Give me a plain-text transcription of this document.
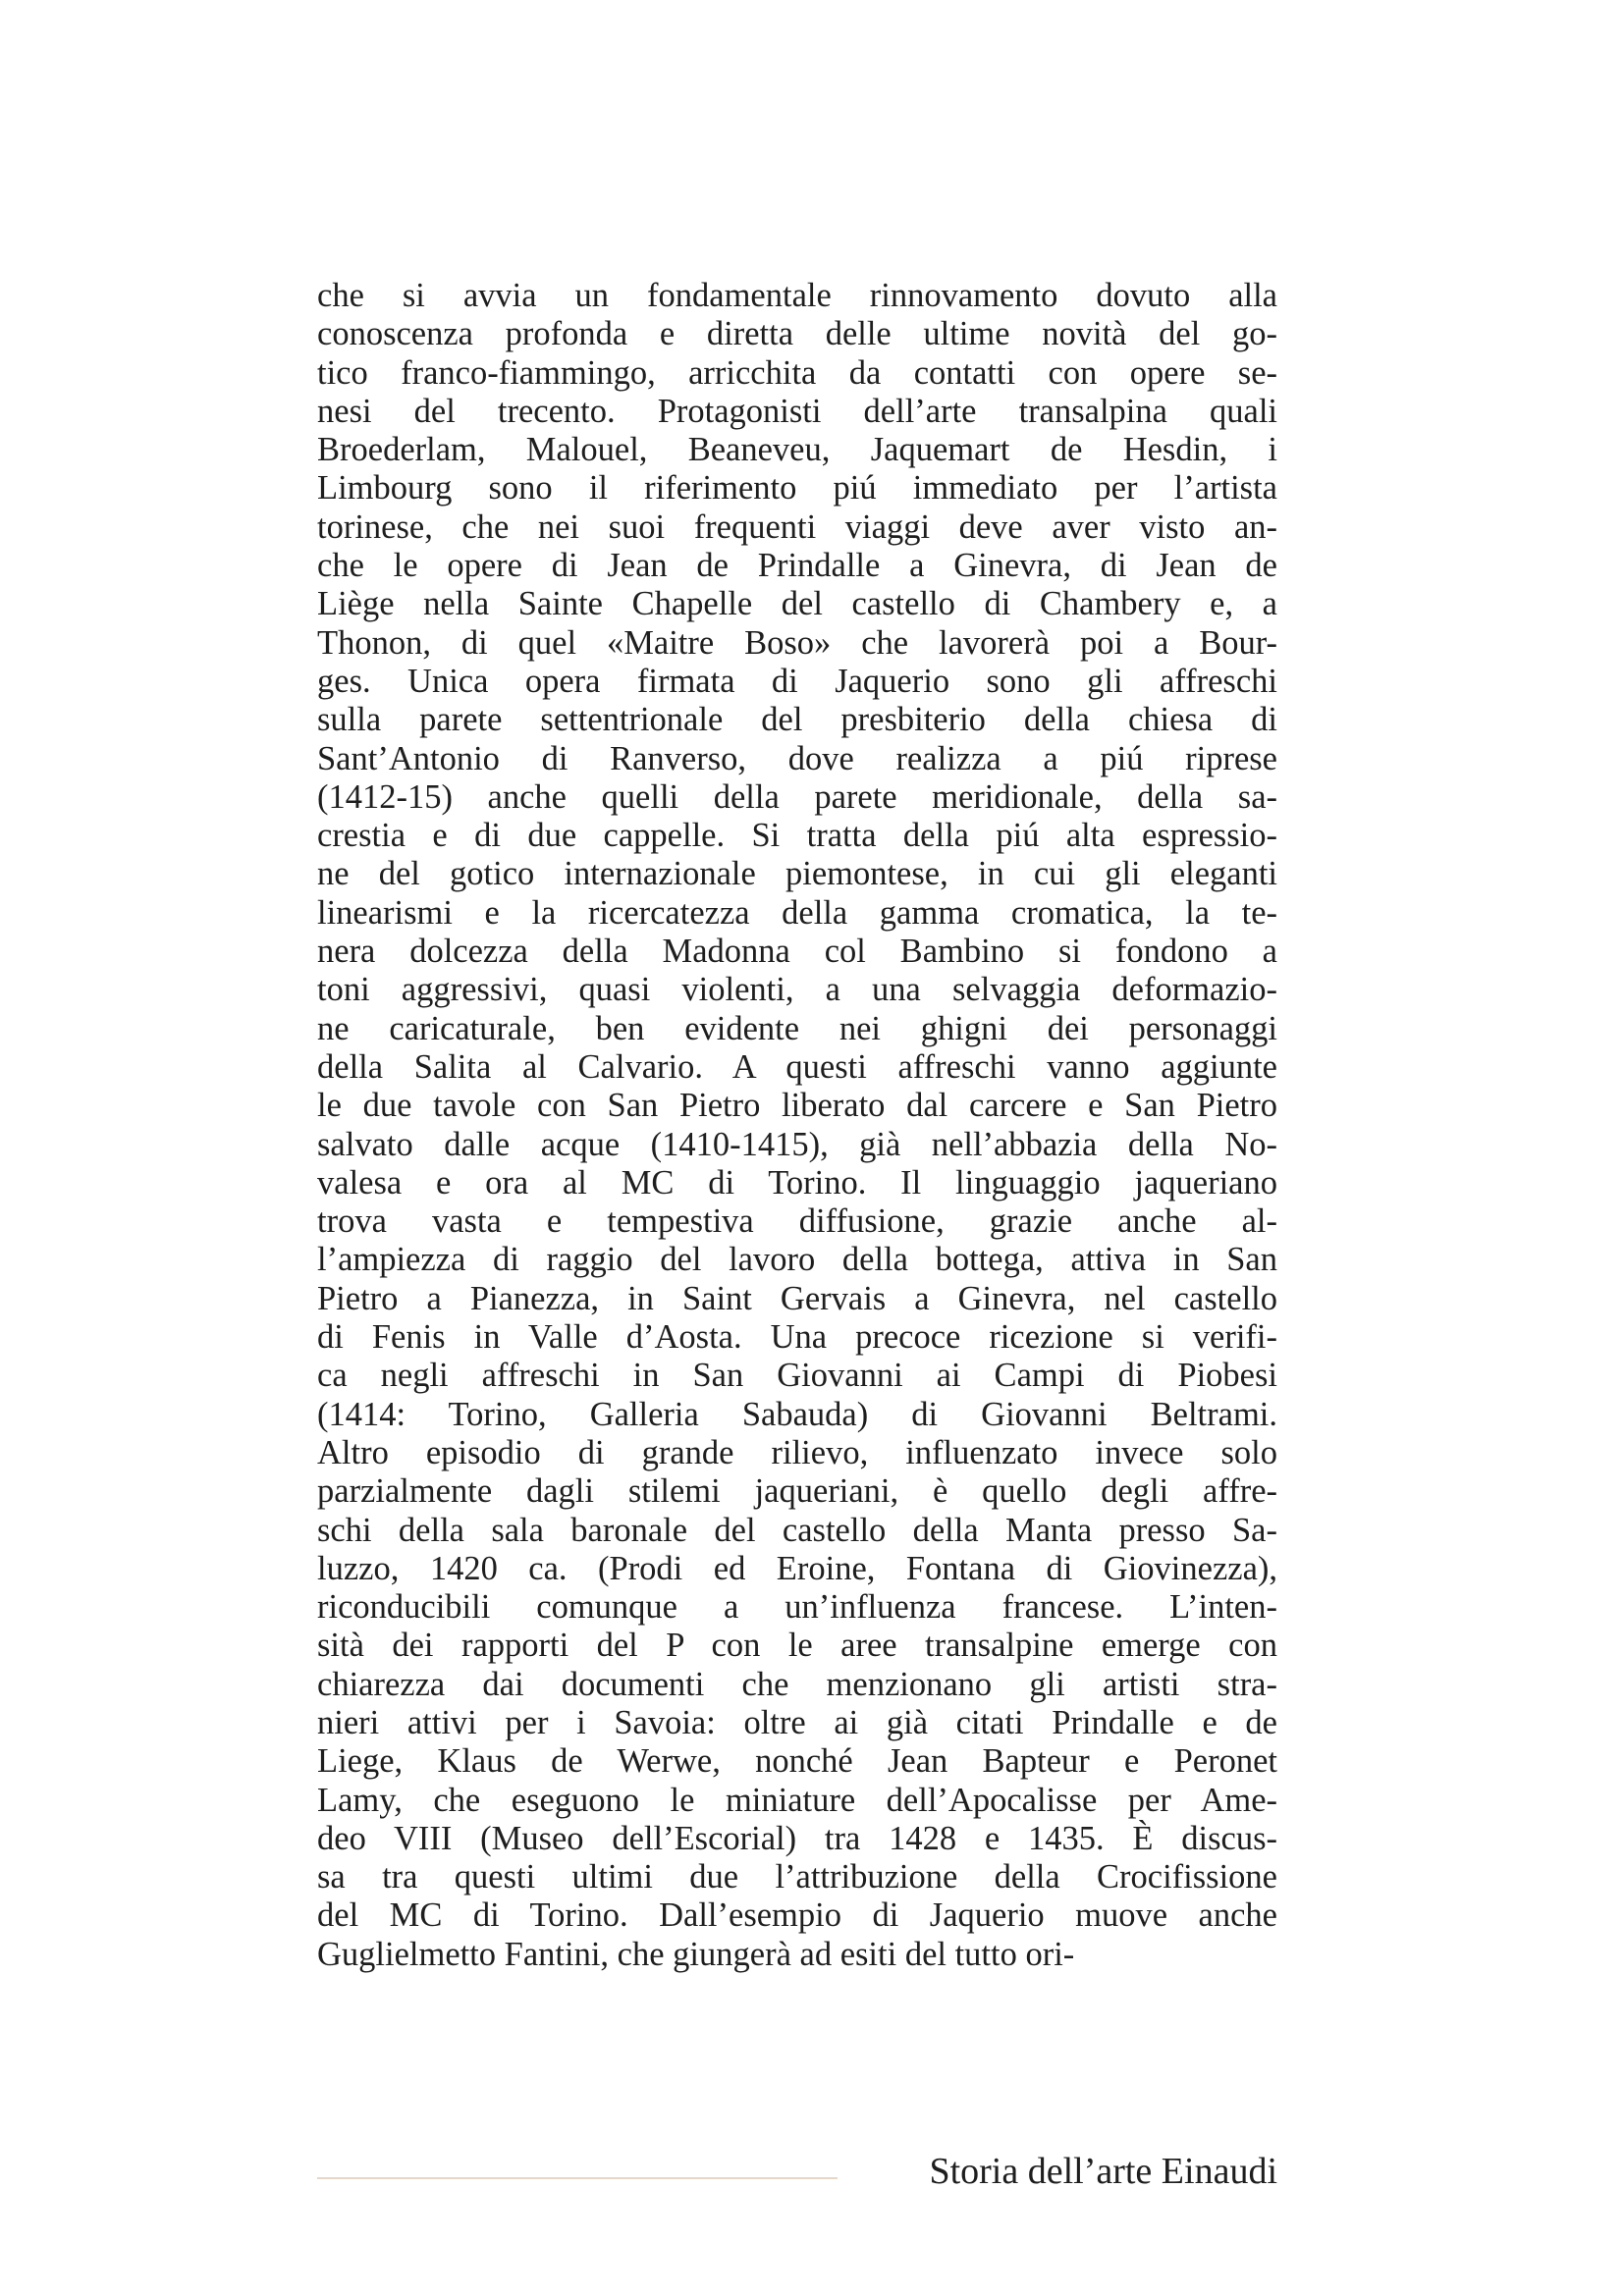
che si avvia un fondamentale rinnovamento dovuto alla
conoscenza profonda e diretta delle ultime novità del go-
tico franco-fiammingo, arricchita da contatti con opere se-
nesi del trecento. Protagonisti dell’arte transalpina quali
Broederlam, Malouel, Beaneveu, Jaquemart de Hesdin, i
Limbourg sono il riferimento piú immediato per l’artista
torinese, che nei suoi frequenti viaggi deve aver visto an-
che le opere di Jean de Prindalle a Ginevra, di Jean de
Liège nella Sainte Chapelle del castello di Chambery e, a
Thonon, di quel «Maitre Boso» che lavorerà poi a Bour-
ges. Unica opera firmata di Jaquerio sono gli affreschi
sulla parete settentrionale del presbiterio della chiesa di
Sant’Antonio di Ranverso, dove realizza a piú riprese
(1412-15) anche quelli della parete meridionale, della sa-
crestia e di due cappelle. Si tratta della piú alta espressio-
ne del gotico internazionale piemontese, in cui gli eleganti
linearismi e la ricercatezza della gamma cromatica, la te-
nera dolcezza della Madonna col Bambino si fondono a
toni aggressivi, quasi violenti, a una selvaggia deformazio-
ne caricaturale, ben evidente nei ghigni dei personaggi
della Salita al Calvario. A questi affreschi vanno aggiunte
le due tavole con San Pietro liberato dal carcere e San Pietro
salvato dalle acque (1410-1415), già nell’abbazia della No-
valesa e ora al MC di Torino. Il linguaggio jaqueriano
trova vasta e tempestiva diffusione, grazie anche al-
l’ampiezza di raggio del lavoro della bottega, attiva in San
Pietro a Pianezza, in Saint Gervais a Ginevra, nel castello
di Fenis in Valle d’Aosta. Una precoce ricezione si verifi-
ca negli affreschi in San Giovanni ai Campi di Piobesi
(1414: Torino, Galleria Sabauda) di Giovanni Beltrami.
Altro episodio di grande rilievo, influenzato invece solo
parzialmente dagli stilemi jaqueriani, è quello degli affre-
schi della sala baronale del castello della Manta presso Sa-
luzzo, 1420 ca. (Prodi ed Eroine, Fontana di Giovinezza),
riconducibili comunque a un’influenza francese. L’inten-
sità dei rapporti del P con le aree transalpine emerge con
chiarezza dai documenti che menzionano gli artisti stra-
nieri attivi per i Savoia: oltre ai già citati Prindalle e de
Liege, Klaus de Werwe, nonché Jean Bapteur e Peronet
Lamy, che eseguono le miniature dell’Apocalisse per Ame-
deo VIII (Museo dell’Escorial) tra 1428 e 1435. È discus-
sa tra questi ultimi due l’attribuzione della Crocifissione
del MC di Torino. Dall’esempio di Jaquerio muove anche
Guglielmetto Fantini, che giungerà ad esiti del tutto ori-
Storia dell’arte Einaudi
